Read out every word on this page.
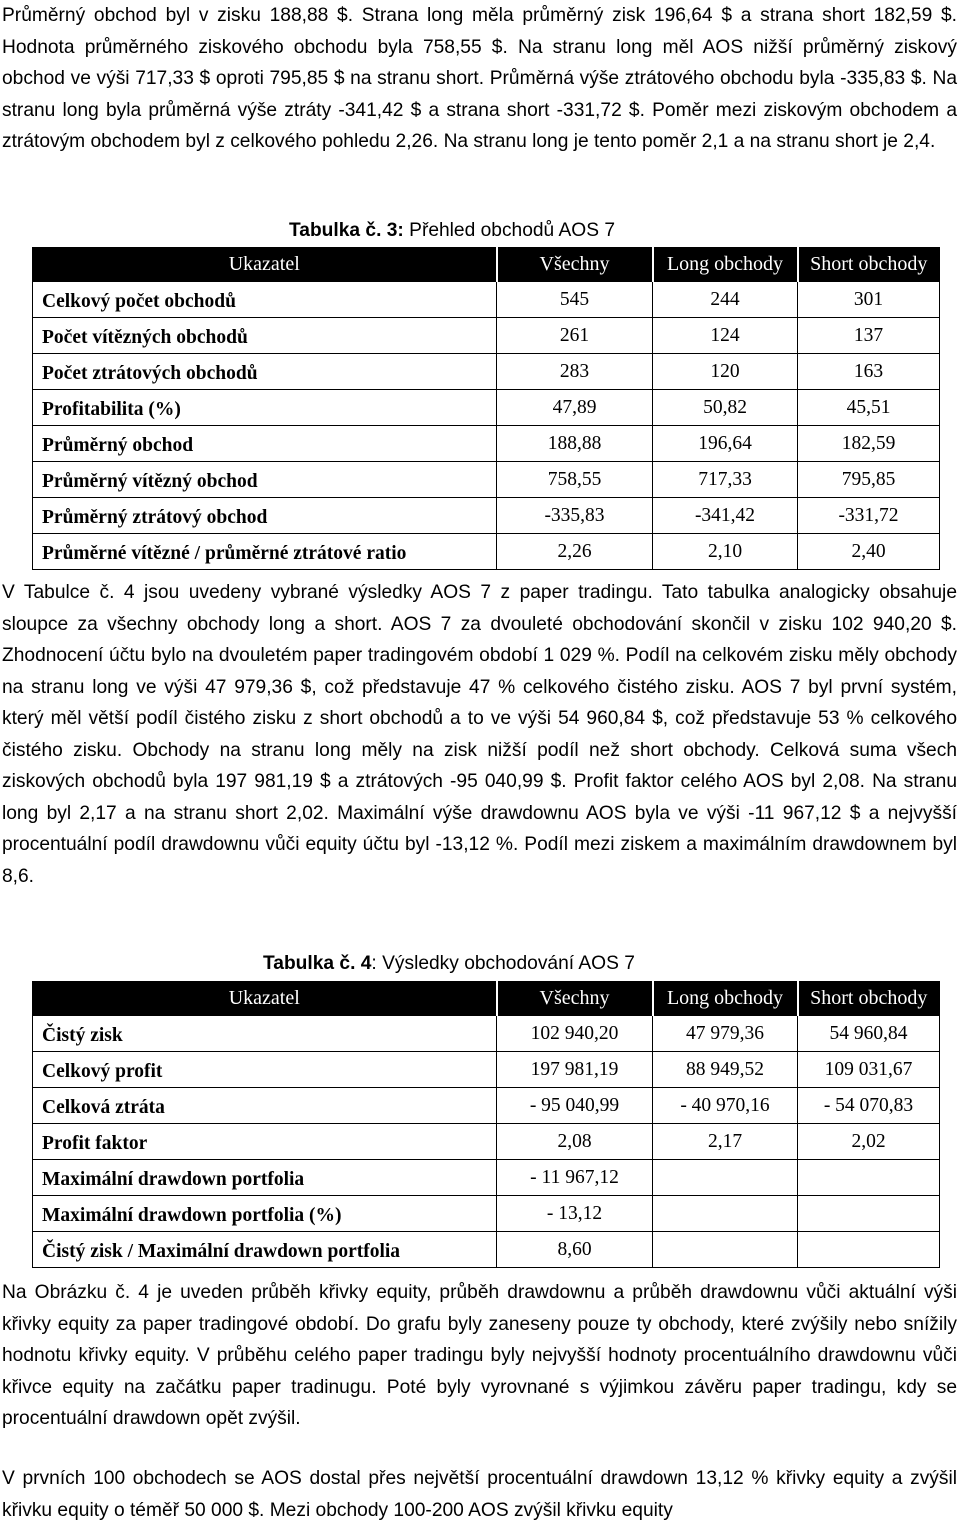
Průměrný obchod byl v zisku 188,88 $. Strana long měla průměrný zisk 196,64 $ a strana short 182,59 $. Hodnota průměrného ziskového obchodu byla 758,55 $. Na stranu long měl AOS nižší průměrný ziskový obchod ve výši 717,33 $ oproti 795,85 $ na stranu short. Průměrná výše ztrátového obchodu byla -335,83 $. Na stranu long byla průměrná výše ztráty -341,42 $ a strana short -331,72 $. Poměr mezi ziskovým obchodem a ztrátovým obchodem byl z celkového pohledu 2,26. Na stranu long je tento poměr 2,1 a na stranu short je 2,4.

Tabulka č. 3: Přehled obchodů AOS 7
Ukazatel	Všechny	Long obchody	Short obchody
Celkový počet obchodů	545	244	301
Počet vítězných obchodů	261	124	137
Počet ztrátových obchodů	283	120	163
Profitabilita (%)	47,89	50,82	45,51
Průměrný obchod	188,88	196,64	182,59
Průměrný vítězný obchod	758,55	717,33	795,85
Průměrný ztrátový obchod	-335,83	-341,42	-331,72
Průměrné vítězné / průměrné ztrátové ratio	2,26	2,10	2,40

V Tabulce č. 4 jsou uvedeny vybrané výsledky AOS 7 z paper tradingu. Tato tabulka analogicky obsahuje sloupce za všechny obchody long a short. AOS 7 za dvouleté obchodování skončil v zisku 102 940,20 $. Zhodnocení účtu bylo na dvouletém paper tradingovém období 1 029 %. Podíl na celkovém zisku měly obchody na stranu long ve výši 47 979,36 $, což představuje 47 % celkového čistého zisku. AOS 7 byl první systém, který měl větší podíl čistého zisku z short obchodů a to ve výši 54 960,84 $, což představuje 53 % celkového čistého zisku. Obchody na stranu long měly na zisk nižší podíl než short obchody. Celková suma všech ziskových obchodů byla 197 981,19 $ a ztrátových -95 040,99 $. Profit faktor celého AOS byl 2,08. Na stranu long byl 2,17 a na stranu short 2,02. Maximální výše drawdownu AOS byla ve výši -11 967,12 $ a nejvyšší procentuální podíl drawdownu vůči equity účtu byl -13,12 %. Podíl mezi ziskem a maximálním drawdownem byl 8,6.

Tabulka č. 4: Výsledky obchodování AOS 7
Ukazatel	Všechny	Long obchody	Short obchody
Čistý zisk	102 940,20	47 979,36	54 960,84
Celkový profit	197 981,19	88 949,52	109 031,67
Celková ztráta	- 95 040,99	- 40 970,16	- 54 070,83
Profit faktor	2,08	2,17	2,02
Maximální drawdown portfolia	- 11 967,12		
Maximální drawdown portfolia (%)	- 13,12		
Čistý zisk / Maximální drawdown portfolia	8,60		

Na Obrázku č. 4 je uveden průběh křivky equity, průběh drawdownu a průběh drawdownu vůči aktuální výši křivky equity za paper tradingové období. Do grafu byly zaneseny pouze ty obchody, které zvýšily nebo snížily hodnotu křivky equity. V průběhu celého paper tradingu byly nejvyšší hodnoty procentuálního drawdownu vůči křivce equity na začátku paper tradinugu. Poté byly vyrovnané s výjimkou závěru paper tradingu, kdy se procentuální drawdown opět zvýšil.

V prvních 100 obchodech se AOS dostal přes největší procentuální drawdown 13,12 % křivky equity a zvýšil křivku equity o téměř 50 000 $. Mezi obchody 100-200 AOS zvýšil křivku equity
